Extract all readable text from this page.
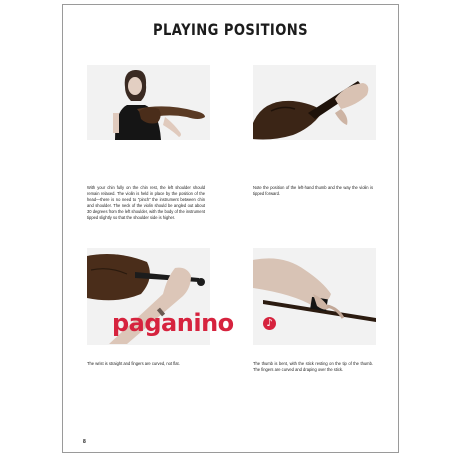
PLAYING POSITIONS
With your chin fully on the chin rest, the left shoulder should remain relaxed. The violin is held in place by the position of the head—there is no need to "pinch" the instrument between chin and shoulder. The neck of the violin should be angled out about 30 degrees from the left shoulder, with the body of the instrument tipped slightly so that the shoulder side is higher.
Note the position of the left-hand thumb and the way the violin is tipped forward.
The wrist is straight and fingers are curved, not flat.	The thumb is bent, with the stick resting on the tip of the thumb. The fingers are curved and draping over the stick.
8
paganino	♪
